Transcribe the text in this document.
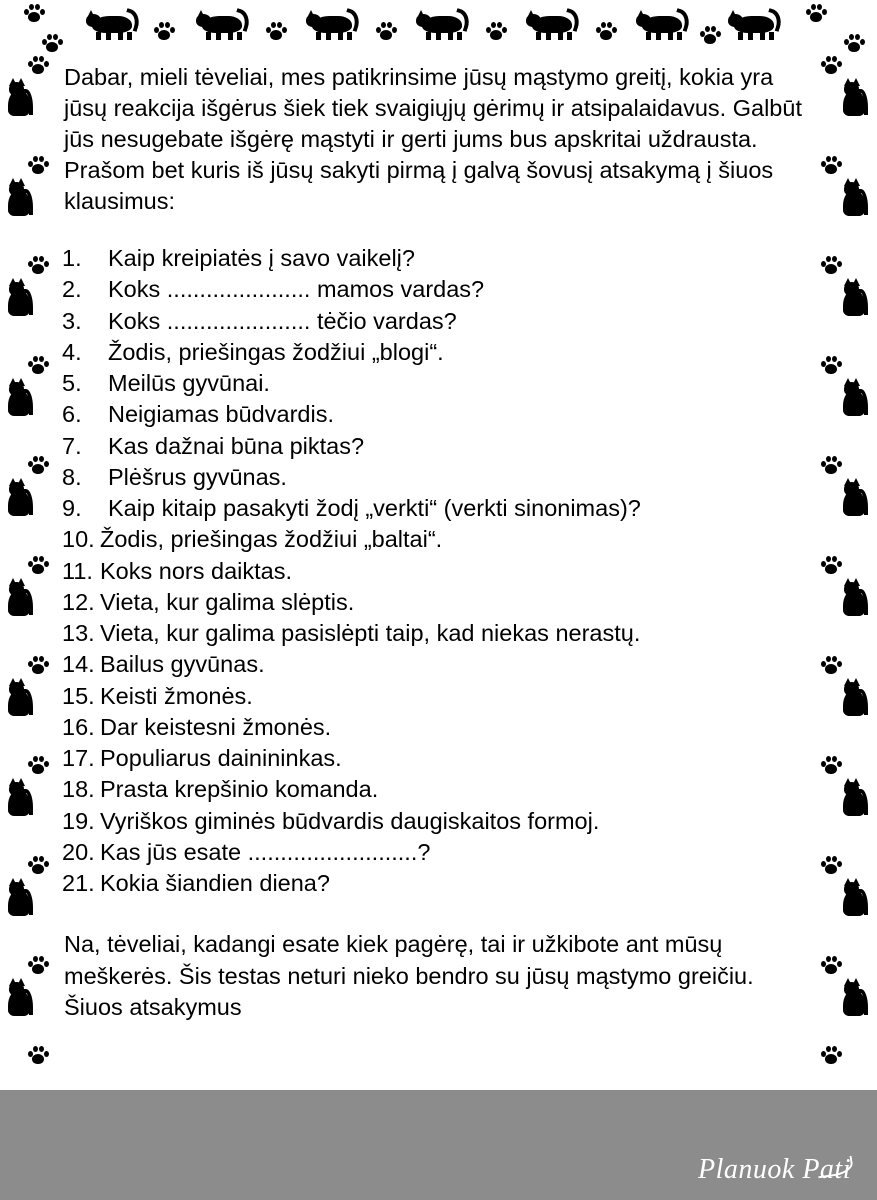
Dabar, mieli tėveliai, mes patikrinsime jūsų mąstymo greitį, kokia yra jūsų reakcija išgėrus šiek tiek svaigiųjų gėrimų ir atsipalaidavus. Galbūt jūs nesugebate išgėrę mąstyti ir gerti jums bus apskritai uždrausta. Prašom bet kuris iš jūsų sakyti pirmą į galvą šovusį atsakymą į šiuos klausimus:

1.	Kaip kreipiatės į savo vaikelį?
2.	Koks ...................... mamos vardas?
3.	Koks ...................... tėčio vardas?
4.	Žodis, priešingas žodžiui „blogi“.
5.	Meilūs gyvūnai.
6.	Neigiamas būdvardis.
7.	Kas dažnai būna piktas?
8.	Plėšrus gyvūnas.
9.	Kaip kitaip pasakyti žodį „verkti“ (verkti sinonimas)?
10. Žodis, priešingas žodžiui „baltai“.
11. Koks nors daiktas.
12. Vieta, kur galima slėptis.
13. Vieta, kur galima pasislėpti taip, kad niekas nerastų.
14. Bailus gyvūnas.
15. Keisti žmonės.
16. Dar keistesni žmonės.
17. Populiarus dainininkas.
18. Prasta krepšinio komanda.
19. Vyriškos giminės būdvardis daugiskaitos formoj.
20. Kas jūs esate ..........................?
21. Kokia šiandien diena?

Na, tėveliai, kadangi esate kiek pagėrę, tai ir užkibote ant mūsų meškerės. Šis testas neturi nieko bendro su jūsų mąstymo greičiu. Šiuos atsakymus

Planuok Pati
